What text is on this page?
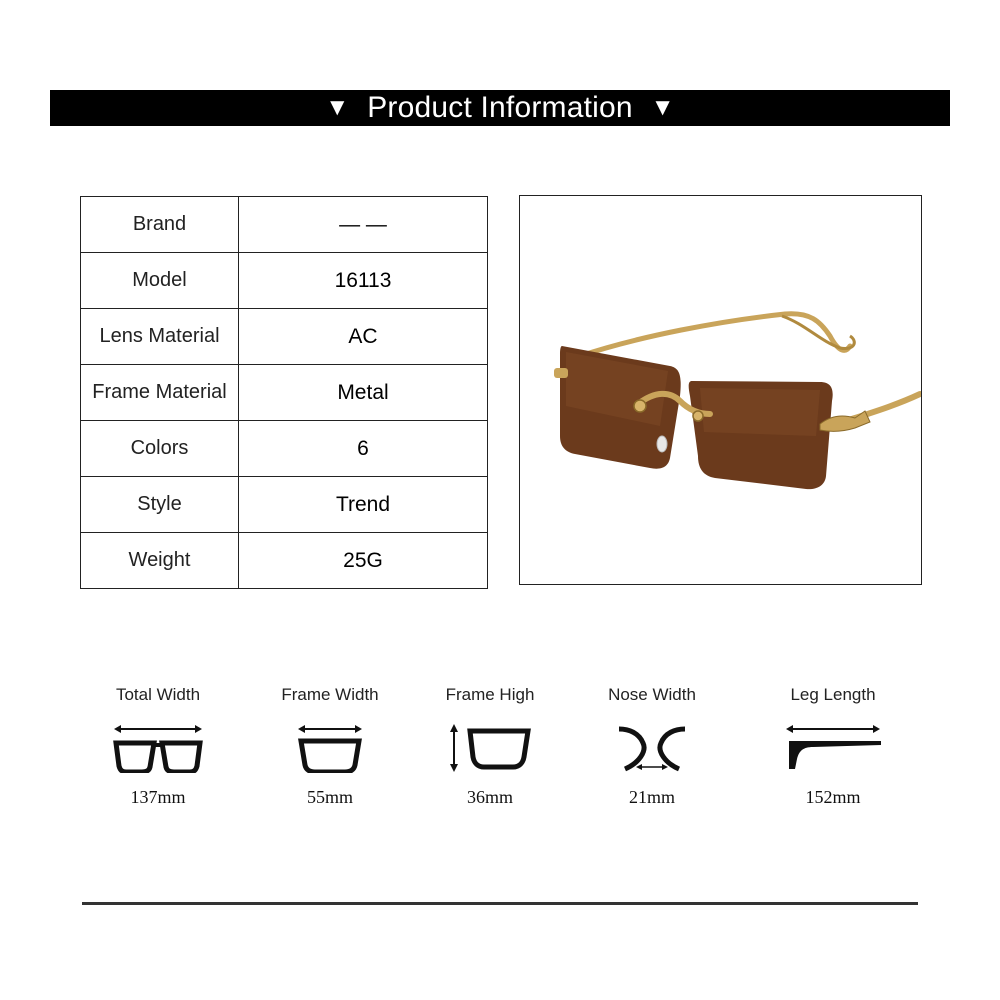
▼ Product Information ▼
Brand	— —
Model	16113
Lens Material	AC
Frame Material	Metal
Colors	6
Style	Trend
Weight	25G
Total Width
137mm
Frame Width
55mm
Frame High
36mm
Nose Width
21mm
Leg Length
152mm
